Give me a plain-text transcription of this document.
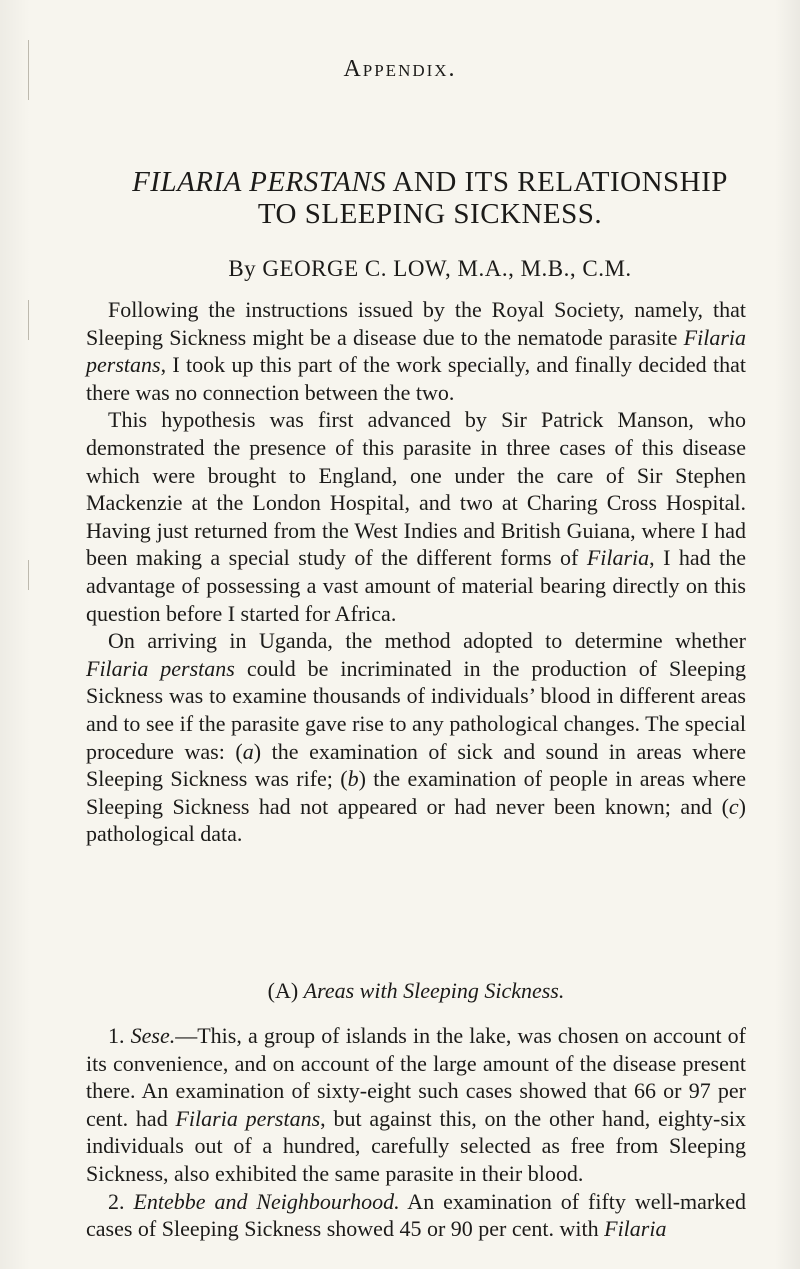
Appendix.
FILARIA PERSTANS AND ITS RELATIONSHIP
TO SLEEPING SICKNESS.
By GEORGE C. LOW, M.A., M.B., C.M.

Following the instructions issued by the Royal Society, namely, that Sleeping Sickness might be a disease due to the nematode parasite Filaria perstans, I took up this part of the work specially, and finally decided that there was no connection between the two.

This hypothesis was first advanced by Sir Patrick Manson, who demonstrated the presence of this parasite in three cases of this disease which were brought to England, one under the care of Sir Stephen Mackenzie at the London Hospital, and two at Charing Cross Hospital. Having just returned from the West Indies and British Guiana, where I had been making a special study of the different forms of Filaria, I had the advantage of possessing a vast amount of material bearing directly on this question before I started for Africa.

On arriving in Uganda, the method adopted to determine whether Filaria perstans could be incriminated in the production of Sleeping Sickness was to examine thousands of individuals’ blood in different areas and to see if the parasite gave rise to any pathological changes. The special procedure was: (a) the examination of sick and sound in areas where Sleeping Sickness was rife; (b) the examination of people in areas where Sleeping Sickness had not appeared or had never been known; and (c) pathological data.

(A) Areas with Sleeping Sickness.

1. Sese.—This, a group of islands in the lake, was chosen on account of its convenience, and on account of the large amount of the disease present there. An examination of sixty-eight such cases showed that 66 or 97 per cent. had Filaria perstans, but against this, on the other hand, eighty-six individuals out of a hundred, carefully selected as free from Sleeping Sickness, also exhibited the same parasite in their blood.

2. Entebbe and Neighbourhood. An examination of fifty well-marked cases of Sleeping Sickness showed 45 or 90 per cent. with Filaria
